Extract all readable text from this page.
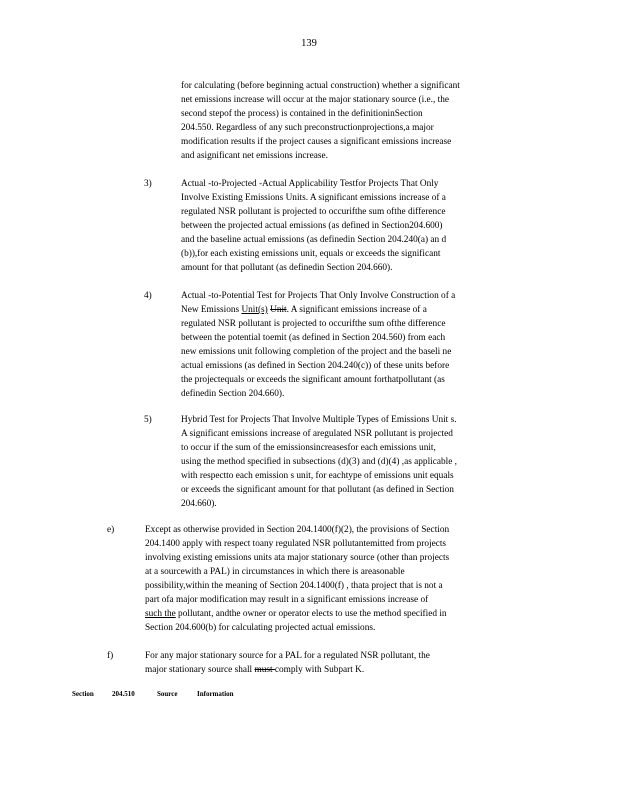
139
for calculating (before beginning actual construction) whether a significant
net emissions increase will occur at the major stationary source (i.e., the
second stepof the process) is contained in the definitioninSection
204.550. Regardless of any such preconstructionprojections,a major
modification results if the project causes a significant emissions increase
and asignificant net emissions increase.
3)	Actual -to-Projected -Actual Applicability Testfor Projects That Only
Involve Existing Emissions Units. A significant emissions increase of a
regulated NSR pollutant is projected to occurifthe sum ofthe difference
between the projected actual emissions (as defined in Section204.600)
and the baseline actual emissions (as definedin Section 204.240(a) an d
(b)),for each existing emissions unit, equals or exceeds the significant
amount for that pollutant (as definedin Section 204.660).
4)	Actual -to-Potential Test for Projects That Only Involve Construction of a
New Emissions Unit(s) Unit. A significant emissions increase of a
regulated NSR pollutant is projected to occurifthe sum ofthe difference
between the potential toemit (as defined in Section 204.560) from each
new emissions unit following completion of the project and the baseli ne
actual emissions (as defined in Section 204.240(c)) of these units before
the projectequals or exceeds the significant amount forthatpollutant (as
definedin Section 204.660).
5)	Hybrid Test for Projects That Involve Multiple Types of Emissions Unit s.
A significant emissions increase of aregulated NSR pollutant is projected
to occur if the sum of the emissionsincreasesfor each emissions unit,
using the method specified in subsections (d)(3) and (d)(4) ,as applicable ,
with respectto each emission s unit, for eachtype of emissions unit equals
or exceeds the significant amount for that pollutant (as defined in Section
204.660).
e)	Except as otherwise provided in Section 204.1400(f)(2), the provisions of Section
204.1400 apply with respect toany regulated NSR pollutantemitted from projects
involving existing emissions units ata major stationary source (other than projects
at a sourcewith a PAL) in circumstances in which there is areasonable
possibility,within the meaning of Section 204.1400(f) , thata project that is not a
part ofa major modification may result in a significant emissions increase of
such the pollutant, andthe owner or operator elects to use the method specified in
Section 204.600(b) for calculating projected actual emissions.
f)	For any major stationary source for a PAL for a regulated NSR pollutant, the
major stationary source shall must comply with Subpart K.
Section	204.510	Source	Information
